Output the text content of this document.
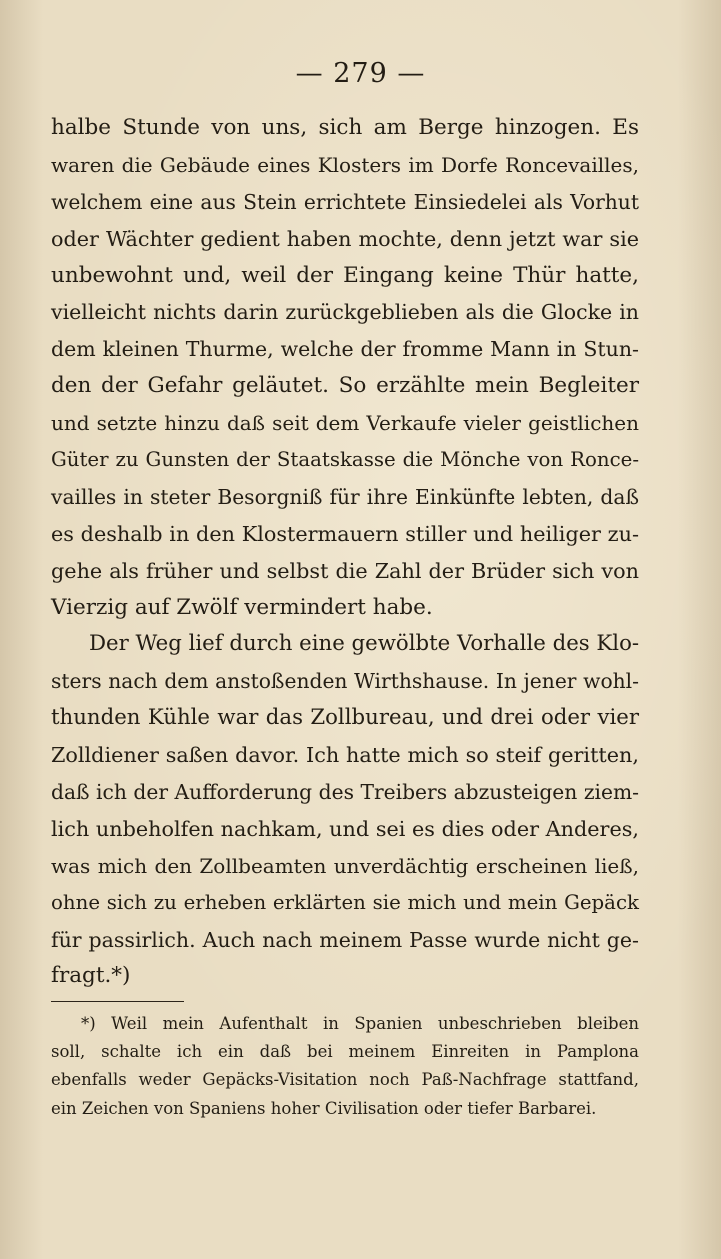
— 279 —
halbe Stunde von uns, sich am Berge hinzogen. Es
waren die Gebäude eines Klosters im Dorfe Roncevailles,
welchem eine aus Stein errichtete Einsiedelei als Vorhut
oder Wächter gedient haben mochte, denn jetzt war sie
unbewohnt und, weil der Eingang keine Thür hatte,
vielleicht nichts darin zurückgeblieben als die Glocke in
dem kleinen Thurme, welche der fromme Mann in Stun-
den der Gefahr geläutet. So erzählte mein Begleiter
und setzte hinzu daß seit dem Verkaufe vieler geistlichen
Güter zu Gunsten der Staatskasse die Mönche von Ronce-
vailles in steter Besorgniß für ihre Einkünfte lebten, daß
es deshalb in den Klostermauern stiller und heiliger zu-
gehe als früher und selbst die Zahl der Brüder sich von
Vierzig auf Zwölf vermindert habe.
Der Weg lief durch eine gewölbte Vorhalle des Klo-
sters nach dem anstoßenden Wirthshause. In jener wohl-
thunden Kühle war das Zollbureau, und drei oder vier
Zolldiener saßen davor. Ich hatte mich so steif geritten,
daß ich der Aufforderung des Treibers abzusteigen ziem-
lich unbeholfen nachkam, und sei es dies oder Anderes,
was mich den Zollbeamten unverdächtig erscheinen ließ,
ohne sich zu erheben erklärten sie mich und mein Gepäck
für passirlich. Auch nach meinem Passe wurde nicht ge-
fragt.*)
*) Weil mein Aufenthalt in Spanien unbeschrieben bleiben
soll, schalte ich ein daß bei meinem Einreiten in Pamplona
ebenfalls weder Gepäcks-Visitation noch Paß-Nachfrage stattfand,
ein Zeichen von Spaniens hoher Civilisation oder tiefer Barbarei.
